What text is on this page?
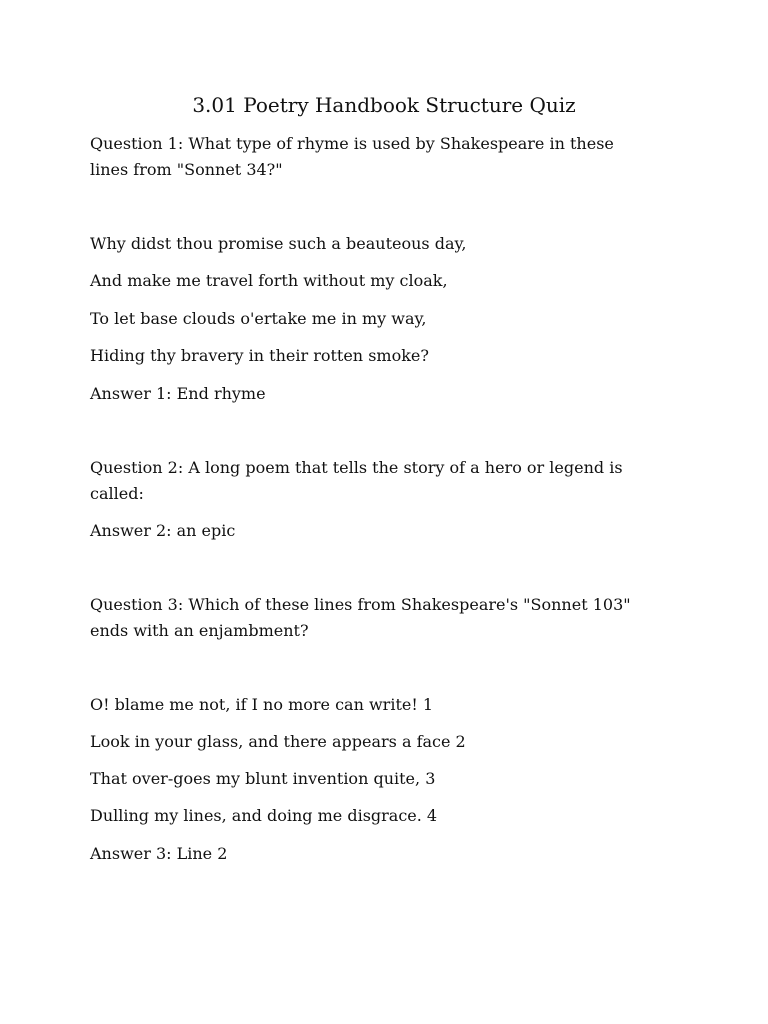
3.01 Poetry Handbook Structure Quiz
Question 1: What type of rhyme is used by Shakespeare in these
lines from "Sonnet 34?"
Why didst thou promise such a beauteous day,
And make me travel forth without my cloak,
To let base clouds o'ertake me in my way,
Hiding thy bravery in their rotten smoke?
Answer 1: End rhyme
Question 2: A long poem that tells the story of a hero or legend is
called:
Answer 2: an epic
Question 3: Which of these lines from Shakespeare's "Sonnet 103"
ends with an enjambment?
O! blame me not, if I no more can write! 1
Look in your glass, and there appears a face 2
That over-goes my blunt invention quite, 3
Dulling my lines, and doing me disgrace. 4
Answer 3: Line 2
